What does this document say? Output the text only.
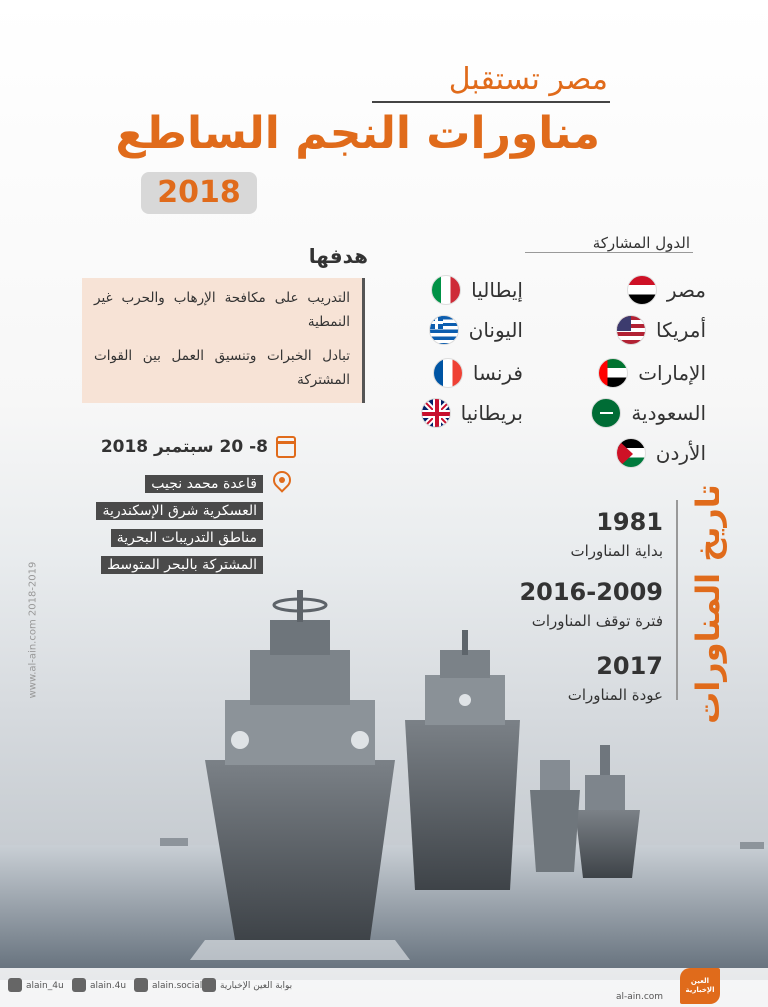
مصر تستقبل
مناورات النجم الساطع
2018
الدول المشاركة
مصر
أمريكا
الإمارات
السعودية
الأردن
إيطاليا
اليونان
فرنسا
بريطانيا
هدفها

التدريب على مكافحة الإرهاب والحرب غير النمطية

تبادل الخبرات وتنسيق العمل بين القوات المشتركة

8- 20 سبتمبر 2018
قاعدة محمد نجيب
العسكرية شرق الإسكندرية
مناطق التدريبات البحرية
المشتركة بالبحر المتوسط	تاريخ المناورات
1981
بداية المناورات
2016-2009
فترة توقف المناورات
2017
عودة المناورات
www.al-ain.com 2018-2019
alain_4u	alain.4u	alain.social بوابة العين الإخبارية
al-ain.com
العين الإخبارية
